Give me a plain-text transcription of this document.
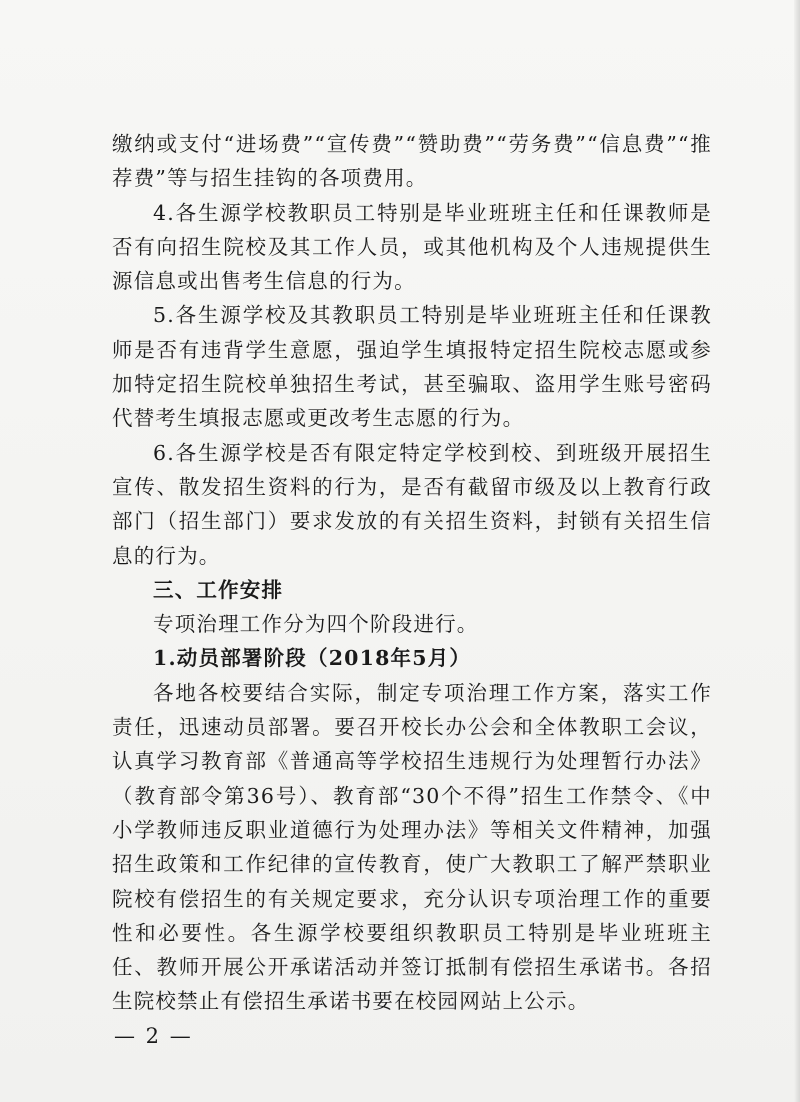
缴纳或支付“进场费”“宣传费”“赞助费”“劳务费”“信息费”“推荐费”等与招生挂钩的各项费用。

4.各生源学校教职员工特别是毕业班班主任和任课教师是否有向招生院校及其工作人员，或其他机构及个人违规提供生源信息或出售考生信息的行为。

5.各生源学校及其教职员工特别是毕业班班主任和任课教师是否有违背学生意愿，强迫学生填报特定招生院校志愿或参加特定招生院校单独招生考试，甚至骗取、盗用学生账号密码代替考生填报志愿或更改考生志愿的行为。

6.各生源学校是否有限定特定学校到校、到班级开展招生宣传、散发招生资料的行为，是否有截留市级及以上教育行政部门（招生部门）要求发放的有关招生资料，封锁有关招生信息的行为。

三、工作安排

专项治理工作分为四个阶段进行。

1.动员部署阶段（2018年5月）

各地各校要结合实际，制定专项治理工作方案，落实工作责任，迅速动员部署。要召开校长办公会和全体教职工会议，认真学习教育部《普通高等学校招生违规行为处理暂行办法》（教育部令第36号）、教育部“30个不得”招生工作禁令、《中小学教师违反职业道德行为处理办法》等相关文件精神，加强招生政策和工作纪律的宣传教育，使广大教职工了解严禁职业院校有偿招生的有关规定要求，充分认识专项治理工作的重要性和必要性。各生源学校要组织教职员工特别是毕业班班主任、教师开展公开承诺活动并签订抵制有偿招生承诺书。各招生院校禁止有偿招生承诺书要在校园网站上公示。

— 2 —
